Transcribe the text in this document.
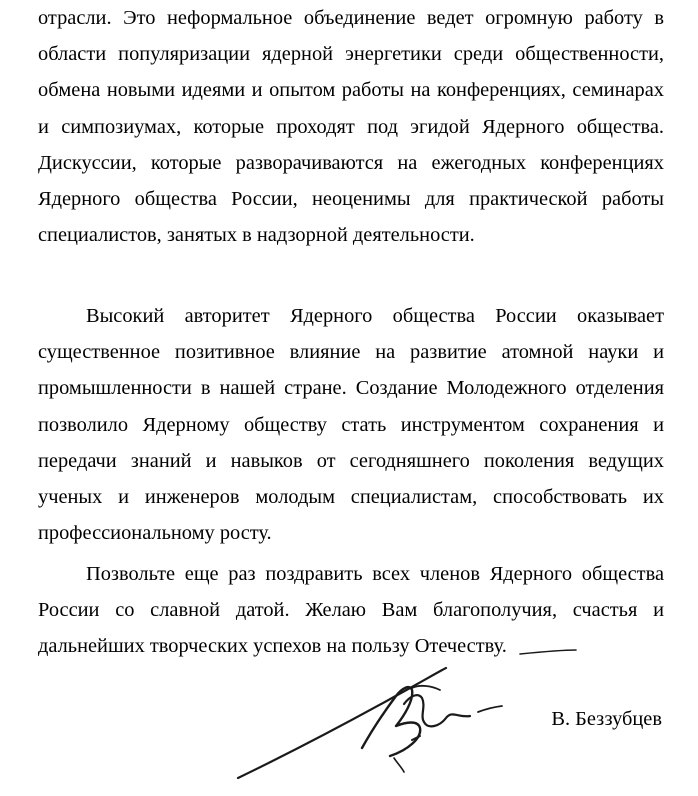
отрасли. Это неформальное объединение ведет огромную работу в области популяризации ядерной энергетики среди общественности, обмена новыми идеями и опытом работы на конференциях, семинарах и симпозиумах, которые проходят под эгидой Ядерного общества. Дискуссии, которые разворачиваются на ежегодных конференциях Ядерного общества России, неоценимы для практической работы специалистов, занятых в надзорной деятельности.

Высокий авторитет Ядерного общества России оказывает существенное позитивное влияние на развитие атомной науки и промышленности в нашей стране. Создание Молодежного отделения позволило Ядерному обществу стать инструментом сохранения и передачи знаний и навыков от сегодняшнего поколения ведущих ученых и инженеров молодым специалистам, способствовать их профессиональному росту.

Позвольте еще раз поздравить всех членов Ядерного общества России со славной датой. Желаю Вам благополучия, счастья и дальнейших творческих успехов на пользу Отечеству.

В. Беззубцев
